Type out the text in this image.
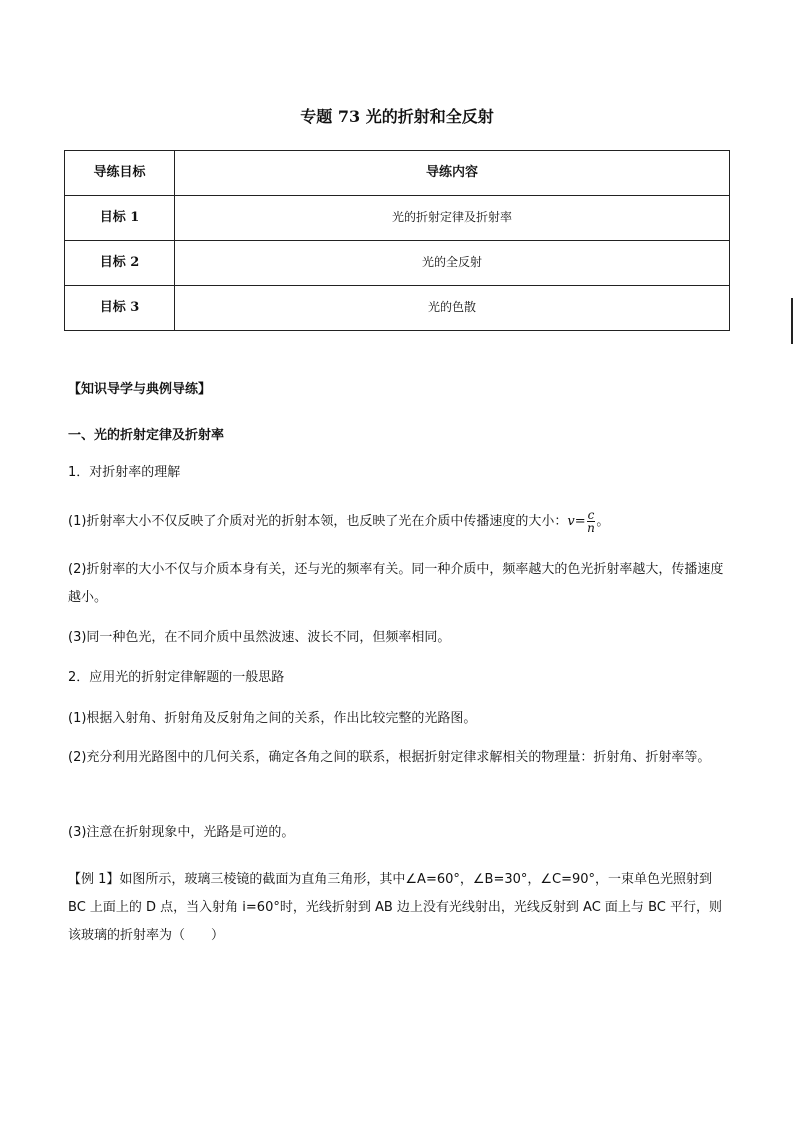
专题 73 光的折射和全反射
导练目标	导练内容
目标 1	光的折射定律及折射率
目标 2	光的全反射
目标 3	光的色散
【知识导学与典例导练】
一、光的折射定律及折射率
1．对折射率的理解
(1)折射率大小不仅反映了介质对光的折射本领，也反映了光在介质中传播速度的大小：$v= \frac{c}{n}$ 。
(2)折射率的大小不仅与介质本身有关，还与光的频率有关。同一种介质中，频率越大的色光折射率越大，传播速度越小。
(3)同一种色光，在不同介质中虽然波速、波长不同，但频率相同。
2．应用光的折射定律解题的一般思路
(1)根据入射角、折射角及反射角之间的关系，作出比较完整的光路图。
(2)充分利用光路图中的几何关系，确定各角之间的联系，根据折射定律求解相关的物理量：折射角、折射率等。
(3)注意在折射现象中，光路是可逆的。
【例 1】如图所示，玻璃三棱镜的截面为直角三角形，其中∠A=60°，∠B=30°，∠C=90°，一束单色光照射到 BC 上面上的 D 点，当入射角 i=60°时，光线折射到 AB 边上没有光线射出，光线反射到 AC 面上与 BC 平行，则该玻璃的折射率为（　　）
